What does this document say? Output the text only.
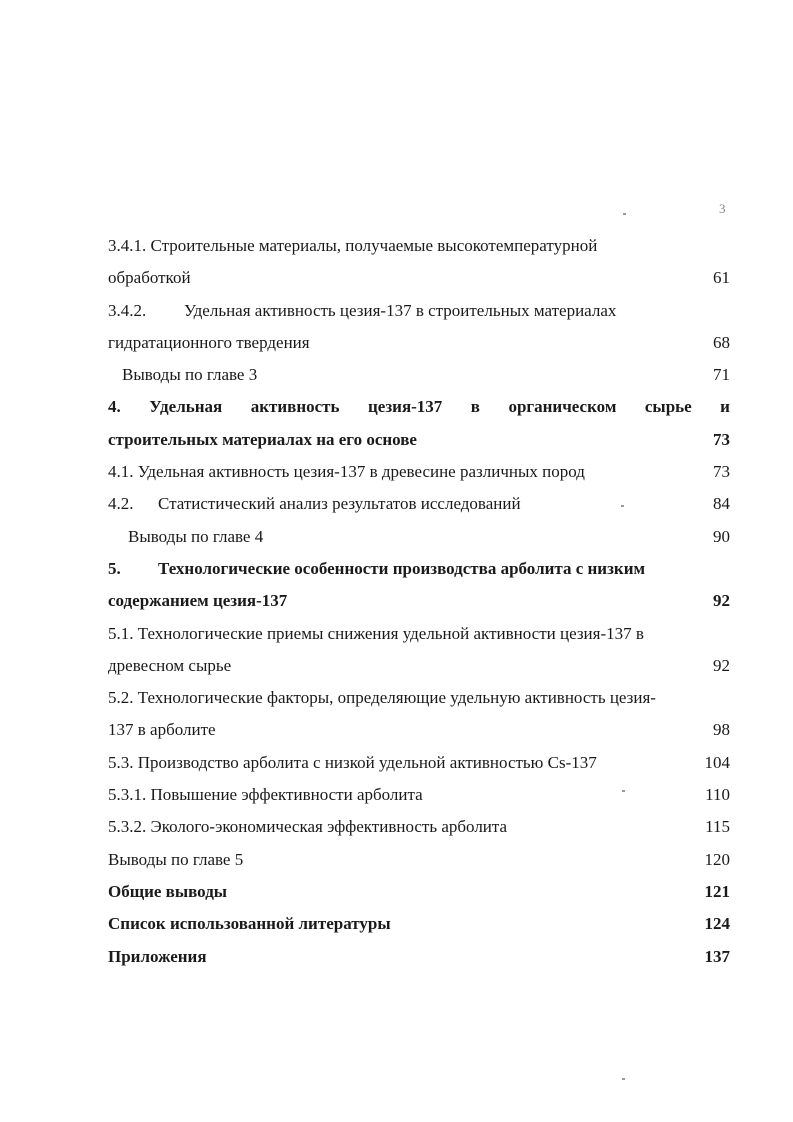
3
3.4.1. Строительные материалы, получаемые высокотемпературной
обработкой	61
3.4.2. Удельная активность цезия-137 в строительных материалах
гидратационного твердения	68
Выводы по главе 3	71
4. Удельная активность цезия-137 в органическом сырье и
строительных материалах на его основе	73
4.1. Удельная активность цезия-137 в древесине различных пород	73
4.2. Статистический анализ результатов исследований	84
Выводы по главе 4	90
5. Технологические особенности производства арболита с низким
содержанием цезия-137	92
5.1. Технологические приемы снижения удельной активности цезия-137 в
древесном сырье	92
5.2. Технологические факторы, определяющие удельную активность цезия-
137 в арболите	98
5.3. Производство арболита с низкой удельной активностью Cs-137	104
5.3.1. Повышение эффективности арболита	110
5.3.2. Эколого-экономическая эффективность арболита	115
Выводы по главе 5	120
Общие выводы	121
Список использованной литературы	124
Приложения	137
